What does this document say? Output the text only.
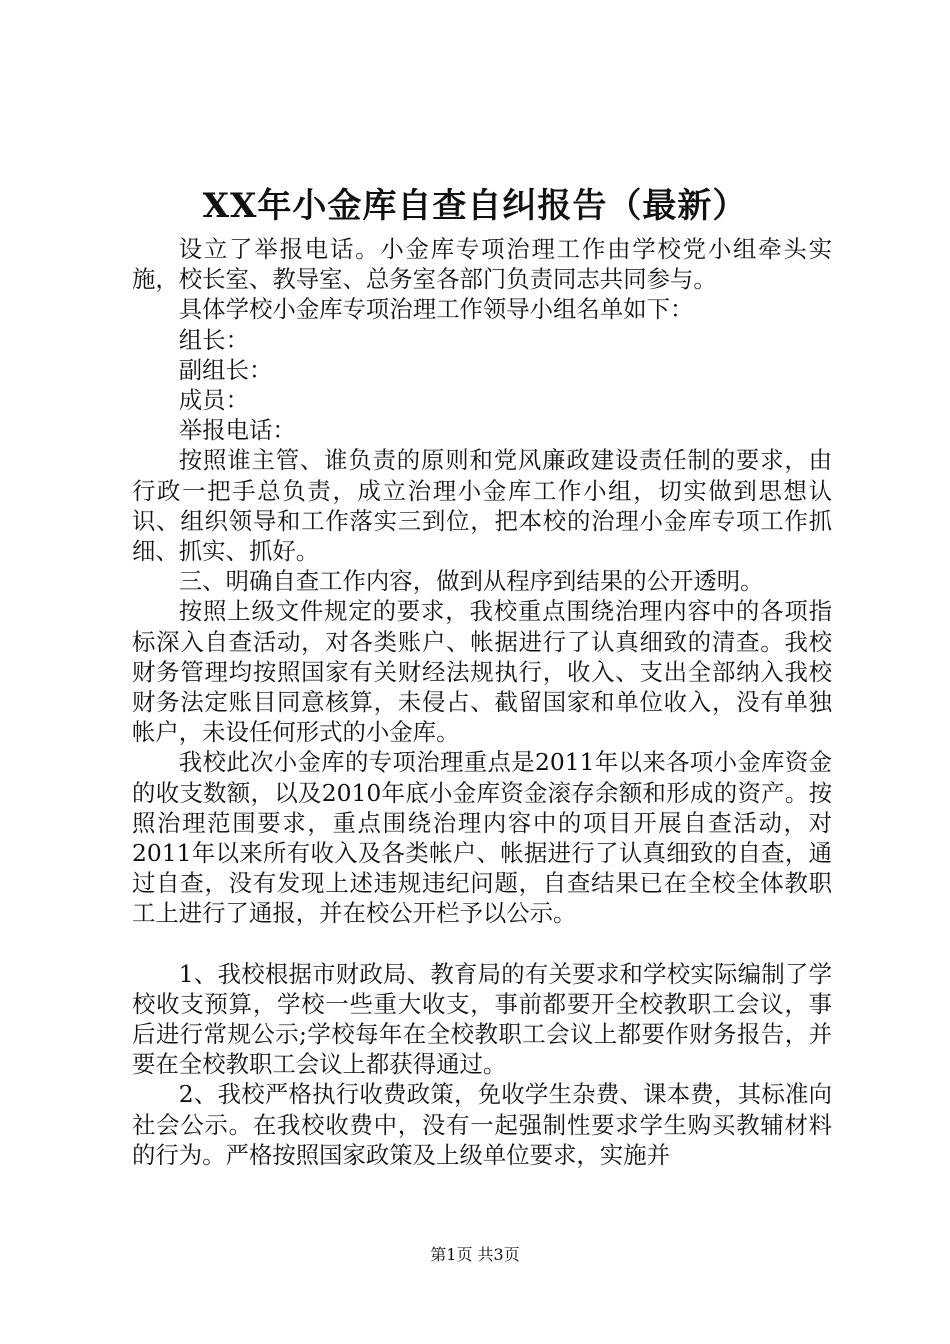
XX年小金库自查自纠报告（最新）

设立了举报电话。小金库专项治理工作由学校党小组牵头实施，校长室、教导室、总务室各部门负责同志共同参与。

具体学校小金库专项治理工作领导小组名单如下：

组长：

副组长：

成员：

举报电话：

按照谁主管、谁负责的原则和党风廉政建设责任制的要求，由行政一把手总负责，成立治理小金库工作小组，切实做到思想认识、组织领导和工作落实三到位，把本校的治理小金库专项工作抓细、抓实、抓好。

三、明确自查工作内容，做到从程序到结果的公开透明。

按照上级文件规定的要求，我校重点围绕治理内容中的各项指标深入自查活动，对各类账户、帐据进行了认真细致的清查。我校财务管理均按照国家有关财经法规执行，收入、支出全部纳入我校财务法定账目同意核算，未侵占、截留国家和单位收入，没有单独帐户，未设任何形式的小金库。

我校此次小金库的专项治理重点是2011年以来各项小金库资金的收支数额，以及2010年底小金库资金滚存余额和形成的资产。按照治理范围要求，重点围绕治理内容中的项目开展自查活动，对2011年以来所有收入及各类帐户、帐据进行了认真细致的自查，通过自查，没有发现上述违规违纪问题，自查结果已在全校全体教职工上进行了通报，并在校公开栏予以公示。

1、我校根据市财政局、教育局的有关要求和学校实际编制了学校收支预算，学校一些重大收支，事前都要开全校教职工会议，事后进行常规公示;学校每年在全校教职工会议上都要作财务报告，并要在全校教职工会议上都获得通过。

2、我校严格执行收费政策，免收学生杂费、课本费，其标准向社会公示。在我校收费中，没有一起强制性要求学生购买教辅材料的行为。严格按照国家政策及上级单位要求，实施并

第1页 共3页
